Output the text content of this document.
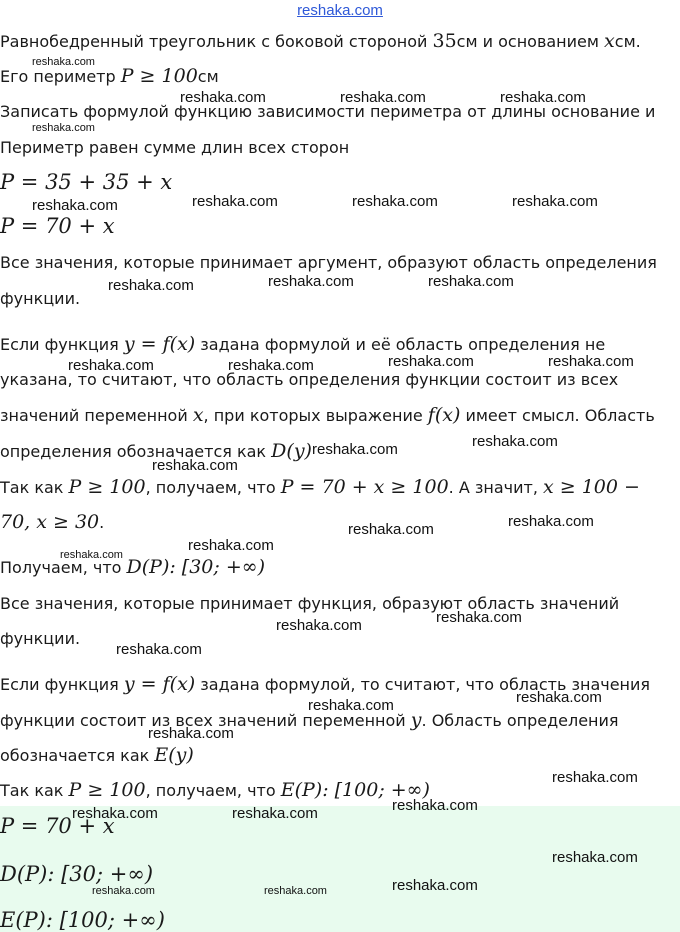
reshaka.com
Равнобедренный треугольник с боковой стороной 35см и основанием xсм.
Его периметр P ≥ 100см
Записать формулой функцию зависимости периметра от длины основание и
Периметр равен сумме длин всех сторон
P = 35 + 35 + x
P = 70 + x
Все значения, которые принимает аргумент, образуют область определения
функции.
Если функция y = f(x) задана формулой и её область определения не
указана, то считают, что область определения функции состоит из всех
значений переменной x, при которых выражение f(x) имеет смысл. Область
определения обозначается как D(y)
Так как P ≥ 100, получаем, что P = 70 + x ≥ 100. А значит, x ≥ 100 −
70, x ≥ 30.
Получаем, что D(P): [30; +∞)
Все значения, которые принимает функция, образуют область значений
функции.
Если функция y = f(x) задана формулой, то считают, что область значения
функции состоит из всех значений переменной y. Область определения
обозначается как E(y)
Так как P ≥ 100, получаем, что E(P): [100; +∞)
P = 70 + x
D(P): [30; +∞)
E(P): [100; +∞)
reshaka.com
reshaka.com	reshaka.com	reshaka.com
reshaka.com
reshaka.com	reshaka.com	reshaka.com	reshaka.com
reshaka.com	reshaka.com	reshaka.com
reshaka.com	reshaka.com	reshaka.com	reshaka.com
reshaka.com	reshaka.com
reshaka.com
reshaka.com	reshaka.com
reshaka.com
reshaka.com
reshaka.com	reshaka.com
reshaka.com
reshaka.com
reshaka.com
reshaka.com
reshaka.com
reshaka.com
reshaka.com	reshaka.com
reshaka.com
reshaka.com	reshaka.com	reshaka.com
